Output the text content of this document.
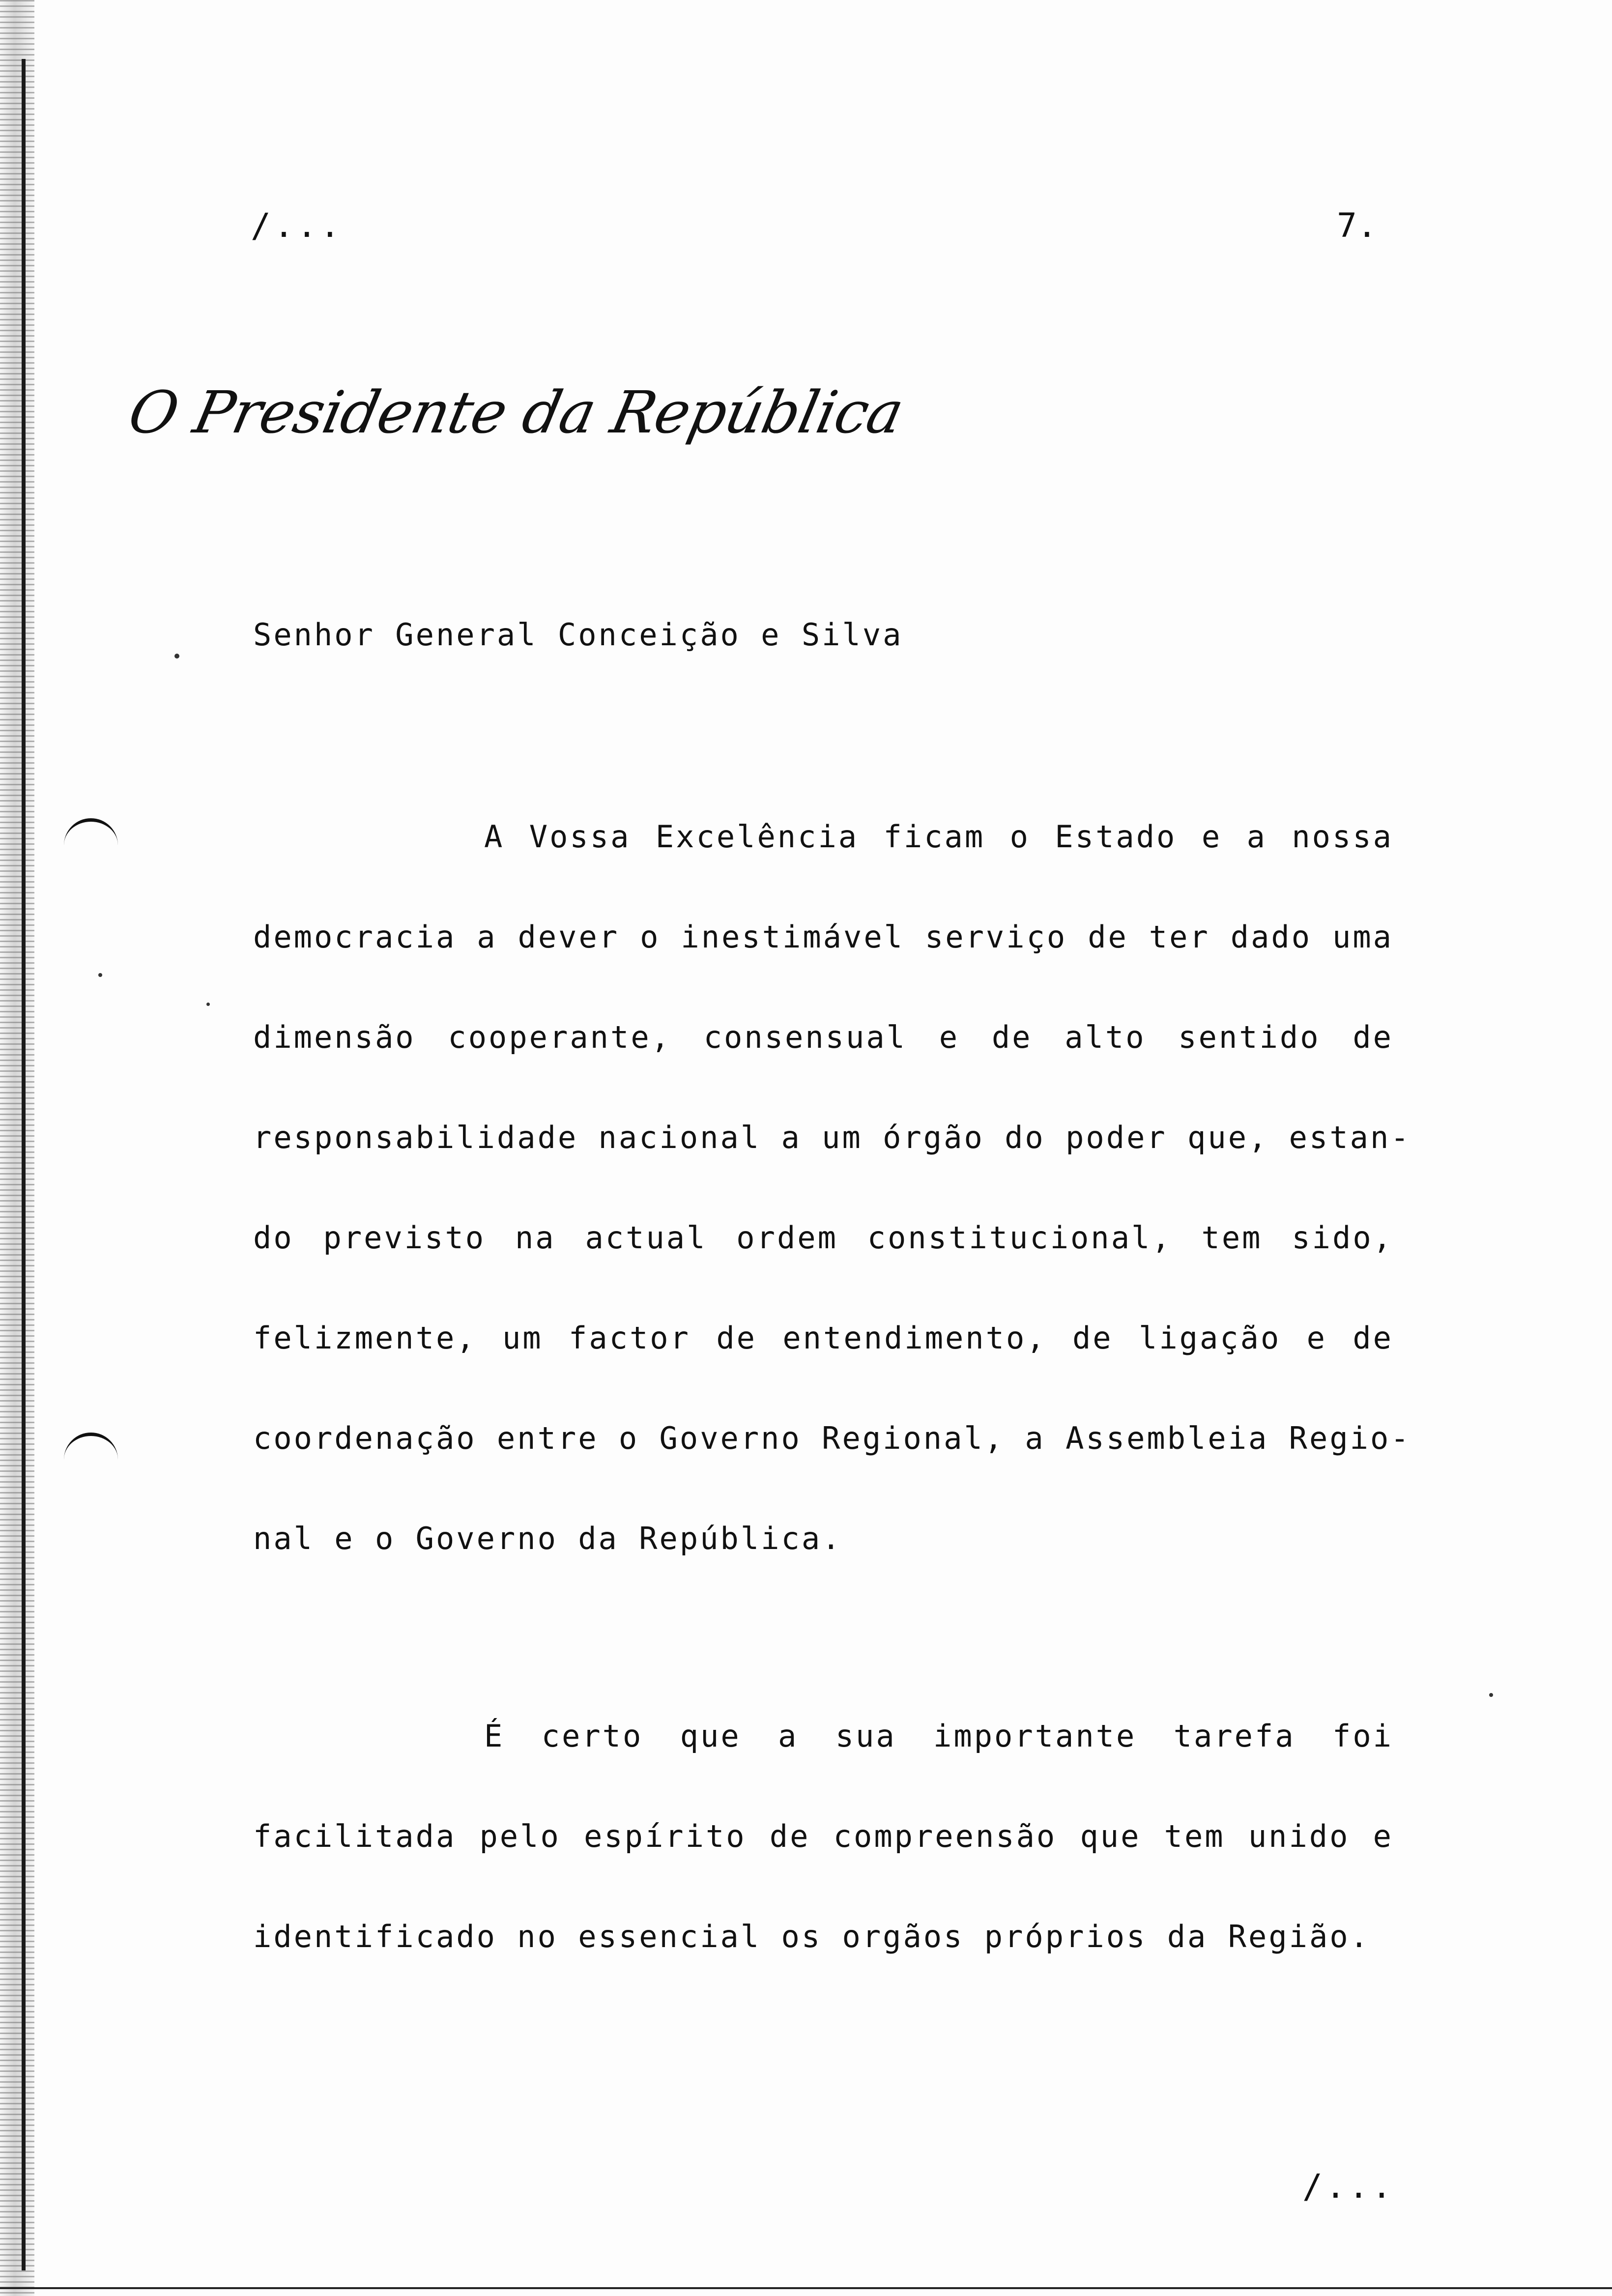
/...	7.
O Presidente da República
Senhor General Conceição e Silva
A Vossa Excelência ficam o Estado e a nossa
democracia a dever o inestimável serviço de ter dado uma
dimensão cooperante, consensual e de alto sentido de
responsabilidade nacional a um órgão do poder que, estan-
do previsto na actual ordem constitucional, tem sido,
felizmente, um factor de entendimento, de ligação e de
coordenação entre o Governo Regional, a Assembleia Regio-
nal e o Governo da República.
É certo que a sua importante tarefa foi
facilitada pelo espírito de compreensão que tem unido e
identificado no essencial os orgãos próprios da Região.
/...
